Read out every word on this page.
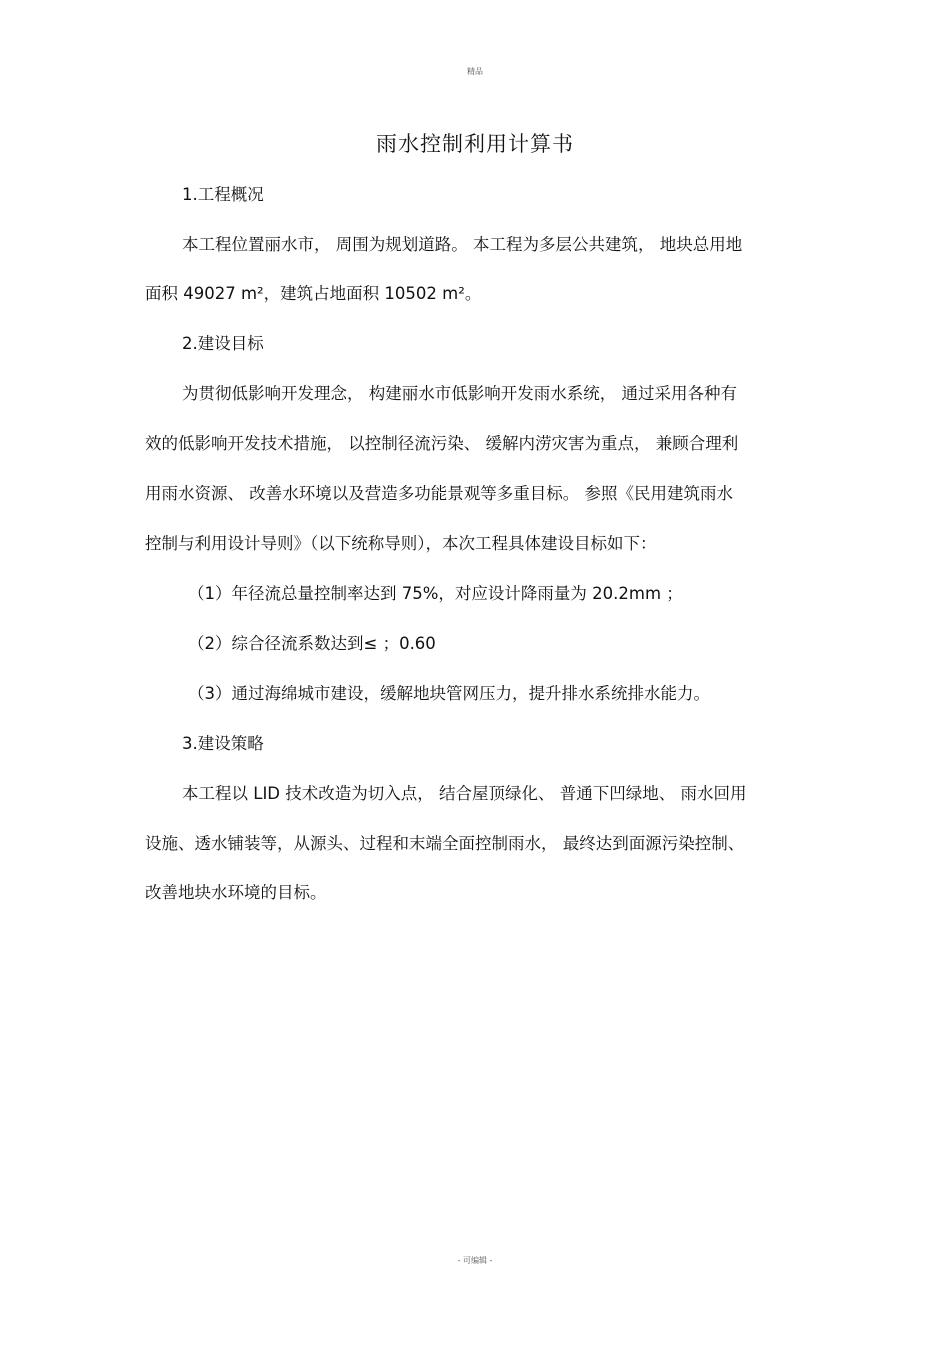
精品
雨水控制利用计算书
1.工程概况
本工程位置丽水市， 周围为规划道路。 本工程为多层公共建筑， 地块总用地
面积 49027 m²，建筑占地面积 10502 m²。
2.建设目标
为贯彻低影响开发理念， 构建丽水市低影响开发雨水系统， 通过采用各种有
效的低影响开发技术措施， 以控制径流污染、 缓解内涝灾害为重点， 兼顾合理利
用雨水资源、 改善水环境以及营造多功能景观等多重目标。 参照《民用建筑雨水
控制与利用设计导则》（以下统称导则），本次工程具体建设目标如下：
（1）年径流总量控制率达到 75%，对应设计降雨量为 20.2mm ；
（2）综合径流系数达到≤ ；0.60
（3）通过海绵城市建设，缓解地块管网压力，提升排水系统排水能力。
3.建设策略
本工程以 LID 技术改造为切入点， 结合屋顶绿化、 普通下凹绿地、 雨水回用
设施、透水铺装等，从源头、过程和末端全面控制雨水， 最终达到面源污染控制、
改善地块水环境的目标。
- 可编辑 -
